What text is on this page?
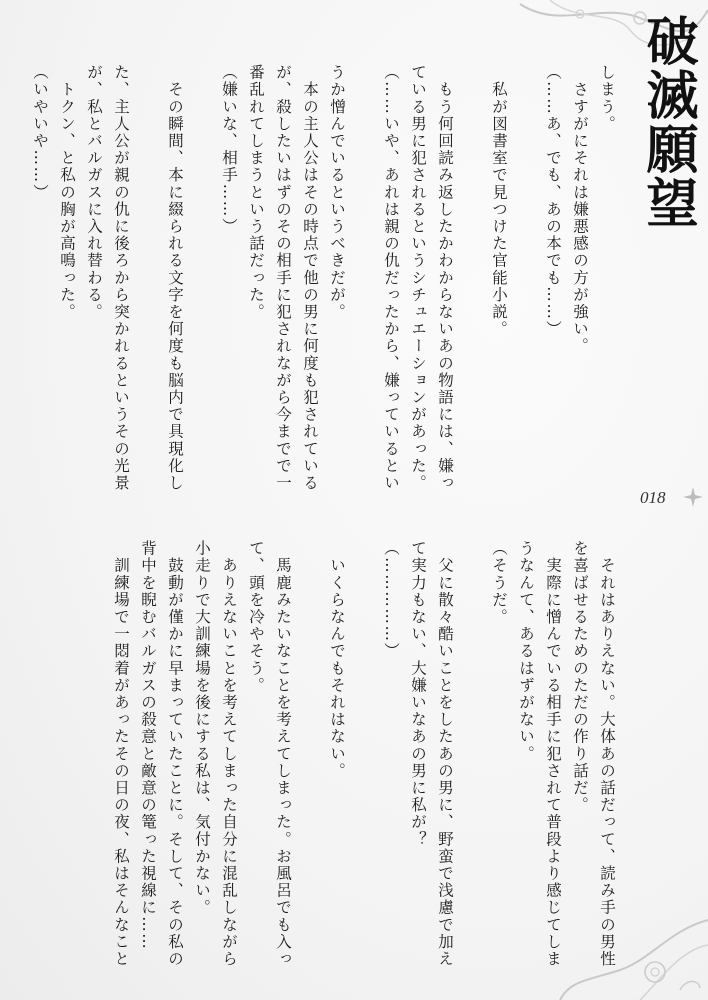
破滅願望
018
しまう。
　さすがにそれは嫌悪感の方が強い。
（……あ、でも、あの本でも……）
　私が図書室で見つけた官能小説。
　もう何回読み返したかわからないあの物語には、嫌っ
ている男に犯されるというシチュエーションがあった。
（……いや、あれは親の仇だったから、嫌っているとい
うか憎んでいるというべきだが。
　本の主人公はその時点で他の男に何度も犯されている
が、殺したいはずのその相手に犯されながら今までで一
番乱れてしまうという話だった。
（嫌いな、相手……）
　その瞬間、本に綴られる文字を何度も脳内で具現化し
た、主人公が親の仇に後ろから突かれるというその光景
が、私とバルガスに入れ替わる。
　トクン、と私の胸が高鳴った。
（いやいや……）
　それはありえない。大体あの話だって、読み手の男性
を喜ばせるためのただの作り話だ。
　実際に憎んでいる相手に犯されて普段より感じてしま
うなんて、あるはずがない。
（そうだ。
　父に散々酷いことをしたあの男に、野蛮で浅慮で加え
て実力もない、大嫌いなあの男に私が？
（……………）
　いくらなんでもそれはない。
　馬鹿みたいなことを考えてしまった。お風呂でも入っ
て、頭を冷やそう。
　ありえないことを考えてしまった自分に混乱しながら
小走りで大訓練場を後にする私は、気付かない。
　鼓動が僅かに早まっていたことに。そして、その私の
背中を睨むバルガスの殺意と敵意の篭った視線に……
　訓練場で一悶着があったその日の夜、私はそんなこと
